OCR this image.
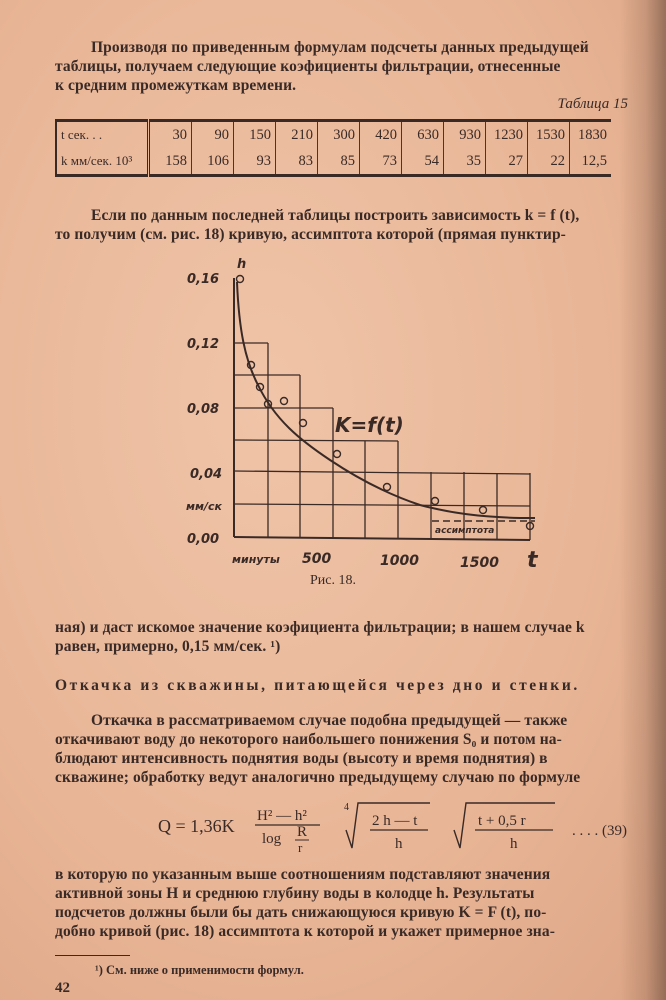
Производя по приведенным формулам подсчеты данных предыдущей
таблицы, получаем следующие коэфициенты фильтрации, отнесенные
к средним промежуткам времени.
Таблица 15
t сек. . .	30	90	150	210	300	420	630	930	1230	1530	1830
k мм/сек. 10³	158	106	93	83	85	73	54	35	27	22	12,5
Если по данным последней таблицы построить зависимость k = f (t),
то получим (см. рис. 18) кривую, ассимптота которой (прямая пунктир-
h
0,16
0,12
0,08
0,04
мм/ск
0,00
K=f(t)
ассимптота
минуты 500	1000	1500 t
Рис. 18.
ная) и даст искомое значение коэфициента фильтрации; в нашем случае k
равен, примерно, 0,15 мм/сек. ¹)
Откачка из скважины, питающейся через дно и стенки.
Откачка в рассматриваемом случае подобна предыдущей — также
откачивают воду до некоторого наибольшего понижения S₀ и потом на-
блюдают интенсивность поднятия воды (высоту и время поднятия) в
скважине; обработку ведут аналогично предыдущему случаю по формуле
Q = 1,36K H² — h²
log R
r
4
2 h — t
h
t + 0,5 r
h
. . . . (39)
в которую по указанным выше соотношениям подставляют значения
активной зоны H и среднюю глубину воды в колодце h. Результаты
подсчетов должны были бы дать снижающуюся кривую K = F (t), по-
добно кривой (рис. 18) ассимптота к которой и укажет примерное зна-
¹) См. ниже о применимости формул.
42
